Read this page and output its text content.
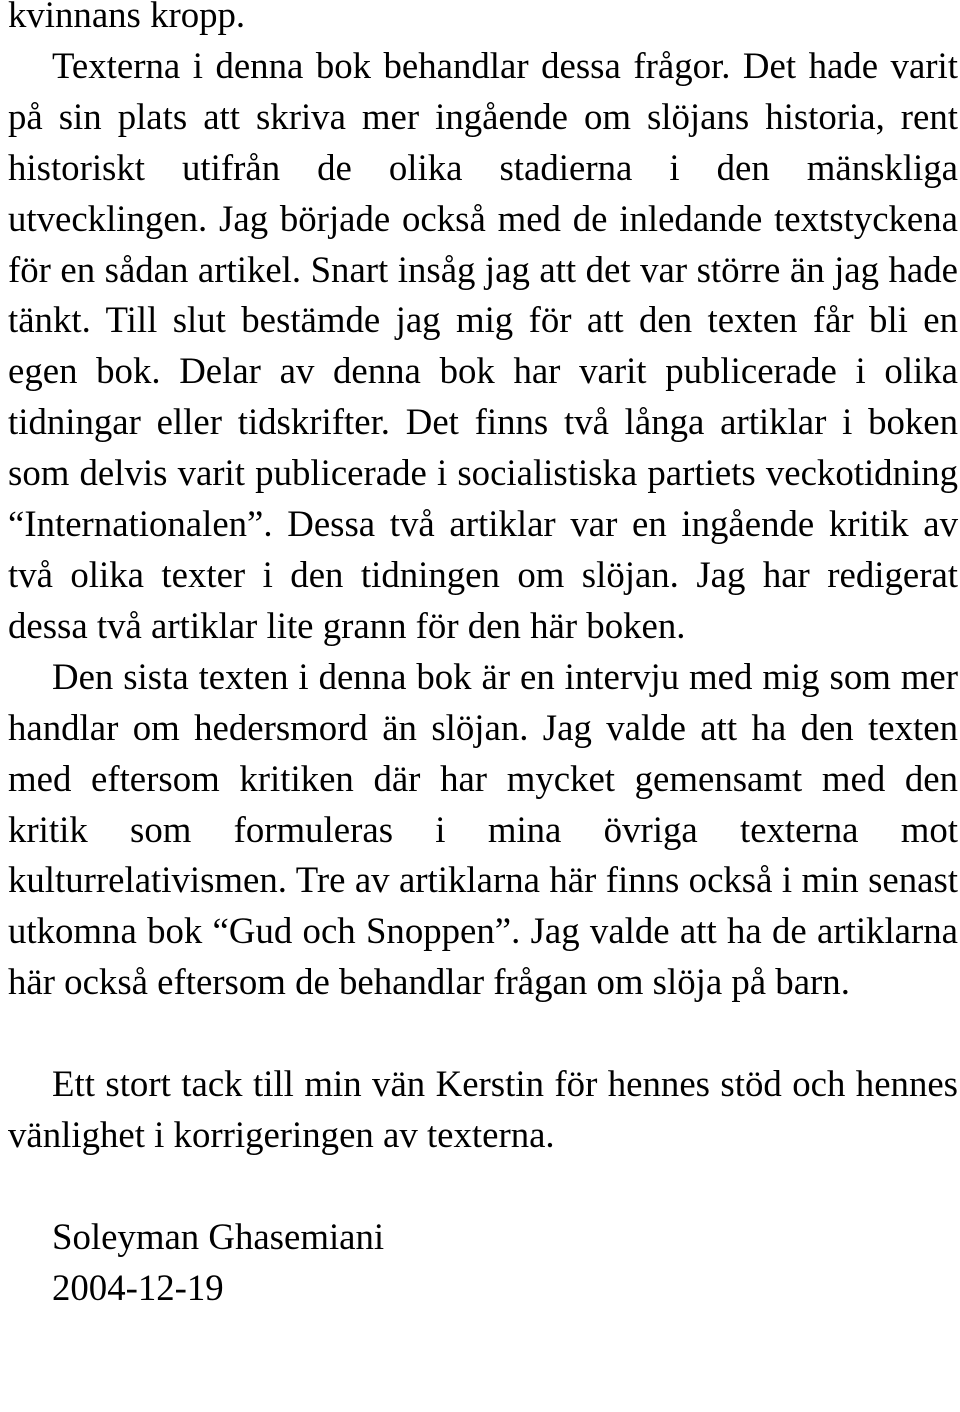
kvinnans kropp.

Texterna i denna bok behandlar dessa frågor. Det hade varit på sin plats att skriva mer ingående om slöjans historia, rent historiskt utifrån de olika stadierna i den mänskliga utvecklingen. Jag började också med de inledande textstyckena för en sådan artikel. Snart insåg jag att det var större än jag hade tänkt. Till slut bestämde jag mig för att den texten får bli en egen bok. Delar av denna bok har varit publicerade i olika tidningar eller tidskrifter. Det finns två långa artiklar i boken som delvis varit publicerade i socialistiska partiets veckotidning “Internationalen”. Dessa två artiklar var en ingående kritik av två olika texter i den tidningen om slöjan. Jag har redigerat dessa två artiklar lite grann för den här boken.

Den sista texten i denna bok är en intervju med mig som mer handlar om hedersmord än slöjan. Jag valde att ha den texten med eftersom kritiken där har mycket gemensamt med den kritik som formuleras i mina övriga texterna mot kulturrelativismen. Tre av artiklarna här finns också i min senast utkomna bok “Gud och Snoppen”. Jag valde att ha de artiklarna här också eftersom de behandlar frågan om slöja på barn.

Ett stort tack till min vän Kerstin för hennes stöd och hennes vänlighet i korrigeringen av texterna.

Soleyman Ghasemiani

2004-12-19
